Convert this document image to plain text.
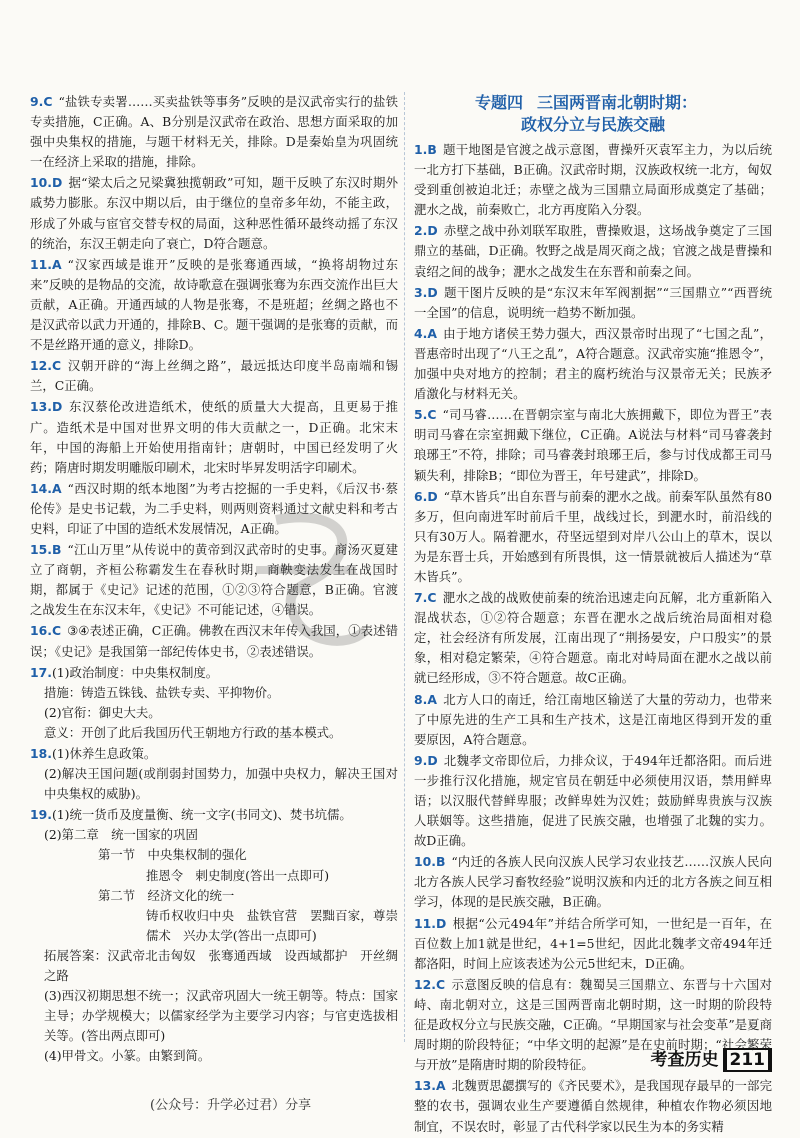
9.C “盐铁专卖署……买卖盐铁等事务”反映的是汉武帝实行的盐铁专卖措施，C正确。A、B分别是汉武帝在政治、思想方面采取的加强中央集权的措施，与题干材料无关，排除。D是秦始皇为巩固统一在经济上采取的措施，排除。
10.D 据“梁太后之兄梁冀独揽朝政”可知，题干反映了东汉时期外戚势力膨胀。东汉中期以后，由于继位的皇帝多年幼，不能主政，形成了外戚与宦官交替专权的局面，这种恶性循环最终动摇了东汉的统治，东汉王朝走向了衰亡，D符合题意。
11.A “汉家西域是谁开”反映的是张骞通西域，“换将胡物过东来”反映的是物品的交流，故诗歌意在强调张骞为东西交流作出巨大贡献，A正确。开通西域的人物是张骞，不是班超；丝绸之路也不是汉武帝以武力开通的，排除B、C。题干强调的是张骞的贡献，而不是丝路开通的意义，排除D。
12.C 汉朝开辟的“海上丝绸之路”，最远抵达印度半岛南端和锡兰，C正确。
13.D 东汉蔡伦改进造纸术，使纸的质量大大提高，且更易于推广。造纸术是中国对世界文明的伟大贡献之一，D正确。北宋末年，中国的海船上开始使用指南针；唐朝时，中国已经发明了火药；隋唐时期发明雕版印刷术，北宋时毕昇发明活字印刷术。
14.A “西汉时期的纸本地图”为考古挖掘的一手史料，《后汉书·蔡伦传》是史书记载，为二手史料，则两则资料通过文献史料和考古史料，印证了中国的造纸术发展情况，A正确。
15.B “江山万里”从传说中的黄帝到汉武帝时的史事。商汤灭夏建立了商朝，齐桓公称霸发生在春秋时期，商鞅变法发生在战国时期，都属于《史记》记述的范围，①②③符合题意，B正确。官渡之战发生在东汉末年，《史记》不可能记述，④错误。
16.C ③④表述正确，C正确。佛教在西汉末年传入我国，①表述错误；《史记》是我国第一部纪传体史书，②表述错误。
17.(1)政治制度：中央集权制度。
措施：铸造五铢钱、盐铁专卖、平抑物价。
(2)官衔：御史大夫。
意义：开创了此后我国历代王朝地方行政的基本模式。
18.(1)休养生息政策。
(2)解决王国问题(或削弱封国势力，加强中央权力，解决王国对中央集权的威胁)。
19.(1)统一货币及度量衡、统一文字(书同文)、焚书坑儒。
(2)第二章　统一国家的巩固
第一节　中央集权制的强化
推恩令　剌史制度(答出一点即可)
第二节　经济文化的统一
铸币权收归中央　盐铁官营　罢黜百家，尊崇儒术　兴办太学(答出一点即可)
拓展答案：汉武帝北击匈奴　张骞通西域　设西域都护　开丝绸之路
(3)西汉初期思想不统一；汉武帝巩固大一统王朝等。特点：国家主导；办学规模大；以儒家经学为主要学习内容；与官吏选拔相关等。(答出两点即可)
(4)甲骨文。小篆。由繁到简。
专题四 三国两晋南北朝时期：
政权分立与民族交融
1.B 题干地图是官渡之战示意图，曹操歼灭袁军主力，为以后统一北方打下基础，B正确。汉武帝时期，汉族政权统一北方，匈奴受到重创被迫北迁；赤壁之战为三国鼎立局面形成奠定了基础；淝水之战，前秦败亡，北方再度陷入分裂。
2.D 赤壁之战中孙刘联军取胜，曹操败退，这场战争奠定了三国鼎立的基础，D正确。牧野之战是周灭商之战；官渡之战是曹操和袁绍之间的战争；淝水之战发生在东晋和前秦之间。
3.D 题干图片反映的是“东汉末年军阀割据”“三国鼎立”“西晋统一全国”的信息，说明统一趋势不断加强。
4.A 由于地方诸侯王势力强大，西汉景帝时出现了“七国之乱”，晋惠帝时出现了“八王之乱”，A符合题意。汉武帝实施“推恩令”，加强中央对地方的控制；君主的腐朽统治与汉景帝无关；民族矛盾激化与材料无关。
5.C “司马睿……在晋朝宗室与南北大族拥戴下，即位为晋王”表明司马睿在宗室拥戴下继位，C正确。A说法与材料“司马睿袭封琅琊王”不符，排除；司马睿袭封琅琊王后，参与讨伐成都王司马颖失利，排除B；“即位为晋王，年号建武”，排除D。
6.D “草木皆兵”出自东晋与前秦的淝水之战。前秦军队虽然有80多万，但向南进军时前后千里，战线过长，到淝水时，前沿线的只有30万人。隔着淝水，苻坚远望到对岸八公山上的草木，误以为是东晋士兵，开始感到有所畏惧，这一情景就被后人描述为“草木皆兵”。
7.C 淝水之战的战败使前秦的统治迅速走向瓦解，北方重新陷入混战状态，①②符合题意；东晋在淝水之战后统治局面相对稳定，社会经济有所发展，江南出现了“荆扬晏安，户口殷实”的景象，相对稳定繁荣，④符合题意。南北对峙局面在淝水之战以前就已经形成，③不符合题意。故C正确。
8.A 北方人口的南迁，给江南地区输送了大量的劳动力，也带来了中原先进的生产工具和生产技术，这是江南地区得到开发的重要原因，A符合题意。
9.D 北魏孝文帝即位后，力排众议，于494年迁都洛阳。而后进一步推行汉化措施，规定官员在朝廷中必须使用汉语，禁用鲜卑语；以汉服代替鲜卑服；改鲜卑姓为汉姓；鼓励鲜卑贵族与汉族人联姻等。这些措施，促进了民族交融，也增强了北魏的实力。故D正确。
10.B “内迁的各族人民向汉族人民学习农业技艺……汉族人民向北方各族人民学习畜牧经验”说明汉族和内迁的北方各族之间互相学习，体现的是民族交融，B正确。
11.D 根据“公元494年”并结合所学可知，一世纪是一百年，在百位数上加1就是世纪，4+1=5世纪，因此北魏孝文帝494年迁都洛阳，时间上应该表述为公元5世纪末，D正确。
12.C 示意图反映的信息有：魏蜀吴三国鼎立、东晋与十六国对峙、南北朝对立，这是三国两晋南北朝时期，这一时期的阶段特征是政权分立与民族交融，C正确。“早期国家与社会变革”是夏商周时期的阶段特征；“中华文明的起源”是在史前时期；“社会繁荣与开放”是隋唐时期的阶段特征。
13.A 北魏贾思勰撰写的《齐民要术》，是我国现存最早的一部完整的农书，强调农业生产要遵循自然规律，种植农作物必须因地制宜，不误农时，彰显了古代科学家以民生为本的务实精
考查历史 211
(公众号：升学必过君）分享
